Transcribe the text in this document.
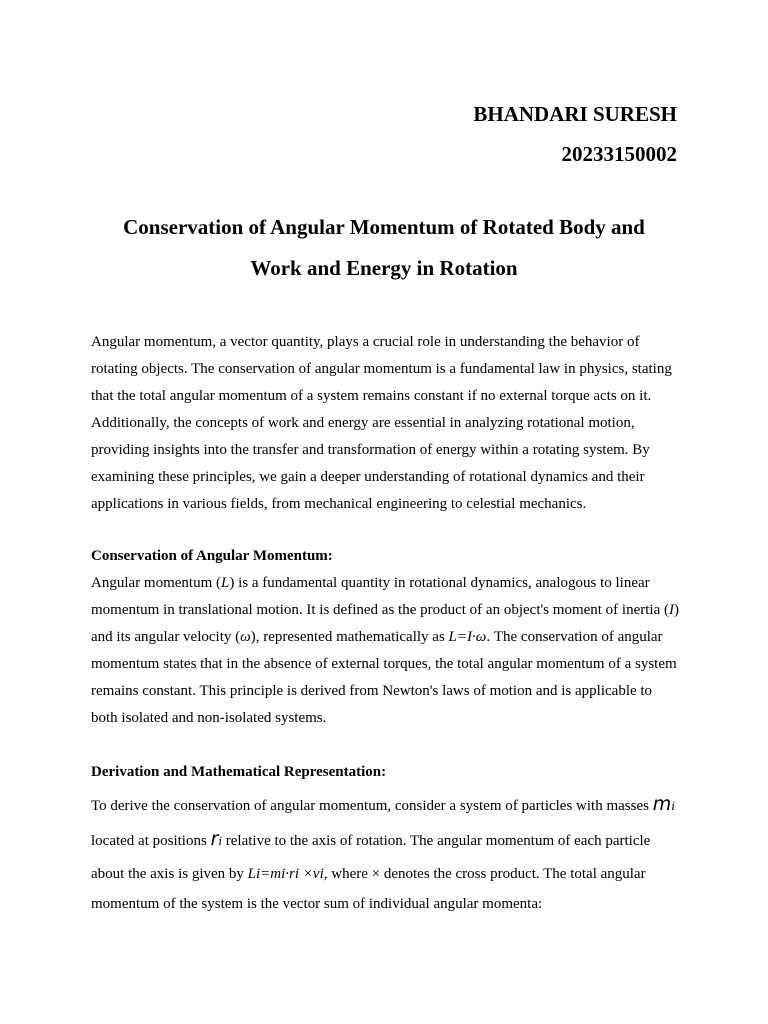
BHANDARI SURESH
20233150002
Conservation of Angular Momentum of Rotated Body and
Work and Energy in Rotation
Angular momentum, a vector quantity, plays a crucial role in understanding the behavior of rotating objects. The conservation of angular momentum is a fundamental law in physics, stating that the total angular momentum of a system remains constant if no external torque acts on it. Additionally, the concepts of work and energy are essential in analyzing rotational motion, providing insights into the transfer and transformation of energy within a rotating system. By examining these principles, we gain a deeper understanding of rotational dynamics and their applications in various fields, from mechanical engineering to celestial mechanics.
Conservation of Angular Momentum:
Angular momentum (L) is a fundamental quantity in rotational dynamics, analogous to linear momentum in translational motion. It is defined as the product of an object's moment of inertia (I) and its angular velocity (ω), represented mathematically as L=I·ω. The conservation of angular momentum states that in the absence of external torques, the total angular momentum of a system remains constant. This principle is derived from Newton's laws of motion and is applicable to both isolated and non-isolated systems.
Derivation and Mathematical Representation:
To derive the conservation of angular momentum, consider a system of particles with masses mi
located at positions ri relative to the axis of rotation. The angular momentum of each particle
about the axis is given by Li=mi·ri ×vi, where × denotes the cross product. The total angular
momentum of the system is the vector sum of individual angular momenta:
